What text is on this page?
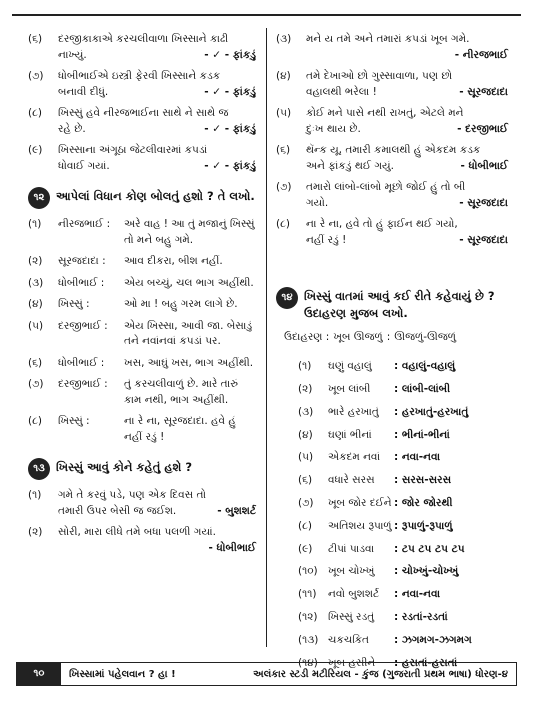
(૬) દરજીકાકાએ કરચલીવાળા ખિસ્સાને કાઢી
નાખ્યું.	- ✓ - ફાંકડું
(૭) ધોબીભાઈએ ઇસ્ત્રી ફેરવી ખિસ્સાને કડક
બનાવી દીધું.	- ✓ - ફાંકડું
(૮) ખિસ્સું હવે નીરજભાઈના સાથે ને સાથે જ
રહે છે.	- ✓ - ફાંકડું
(૯) ખિસ્સાના અંગૂઠા જેટલીવારમાં કપડાં
ધોવાઈ ગયાં.	- ✓ - ફાંકડું
૧૨	આપેલાં વિધાન કોણ બોલતું હશો ? તે લખો.
(૧)	નીરજભાઈ :	અરે વાહ ! આ તું મજાનું ખિસ્સું તો મને બહુ ગમે.
(૨)	સૂરજદાદા :	આવ દીકરા, બીશ નહીં.
(૩)	ધોબીભાઈ :	એય બચ્ચું, ચલ ભાગ અહીંથી.
(૪)	ખિસ્સું :	ઓ મા ! બહુ ગરમ લાગે છે.
(૫)	દરજીભાઈ :	એય ખિસ્સા, આવી જા. બેસાડું તને નવાંનવાં કપડાં પર.
(૬)	ધોબીભાઈ :	ખસ, આઘું ખસ, ભાગ અહીંથી.
(૭)	દરજીભાઈ :	તું કરચલીવાળું છે. મારે તારું કામ નથી, ભાગ અહીંથી.
(૮)	ખિસ્સું :	ના રે ના, સૂરજદાદા. હવે હું નહીં રડું !
૧૩ ખિસ્સું આવું કોને કહેતું હશે ?
(૧) ગમે તે કરવું પડે, પણ એક દિવસ તો
તમારી ઉપર બેસી જ જઈશ.	- બુશશર્ટ
(૨) સોરી, મારા લીધે તમે બધા પલળી ગયાં.
- ધોબીભાઈ
(૩) મને ય તમે અને તમારાં કપડાં ખૂબ ગમે.
- નીરજભાઈ
(૪) તમે દેખાઓ છો ગુસ્સાવાળા, પણ છો
વહાલથી ભરેલા !	- સૂરજદાદા
(૫) કોઈ મને પાસે નથી રાખતું, એટલે મને
દુઃખ થાય છે.	- દરજીભાઈ
(૬) થૅન્ક યૂ, તમારી કમાલથી હું એકદમ કડક
અને ફાંકડું થઈ ગયું.	- ધોબીભાઈ
(૭) તમારો લાંબો-લાંબો મૂછો જોઈ હું તો બી
ગયો.	- સૂરજદાદા
(૮) ના રે ના, હવે તો હું ફાઈન થઈ ગયો,
નહીં રડું !	- સૂરજદાદા
૧૪ ખિસ્સું વાતમાં આવું કઈ રીતે કહેવાયું છે ? ઉદાહરણ મુજબ લખો.
ઉદાહરણ : ખૂબ ઊજળું : ઊજળું-ઊજળું
(૧)	ઘણું વહાલું	: વહાલું-વહાલું
(૨)	ખૂબ લાંબી	: લાંબી-લાંબી
(૩)	ભારે હરખાતું	: હરખાતું-હરખાતું
(૪)	ઘણાં ભીનાં	: ભીનાં-ભીનાં
(૫)	એકદમ નવાં	: નવા-નવા
(૬)	વધારે સરસ	: સરસ-સરસ
(૭)	ખૂબ જોર દઈને : જોર જોરથી
(૮)	અતિશય રૂપાળું : રૂપાળું-રૂપાળું
(૯)	ટીપાં પાડવા	: ટપ ટપ ટપ ટપ
(૧૦) ખૂબ ચોખ્ખું	: ચોખ્ખું-ચોખ્ખું
(૧૧)	નવો બુશશર્ટ	: નવા-નવા
(૧૨) ખિસ્સું રડતું	: રડતાં-રડતાં
(૧૩) ચકચકિત	: ઝગમગ-ઝગમગ
(૧૪) ખૂબ હસીને	: હસતાં-હસતાં
૧૦	ખિસ્સામાં પહેલવાન ? હા !	અલંકાર સ્ટડી મટીરિયલ - કુંજ (ગુજરાતી પ્રથમ ભાષા) ધોરણ-૪
